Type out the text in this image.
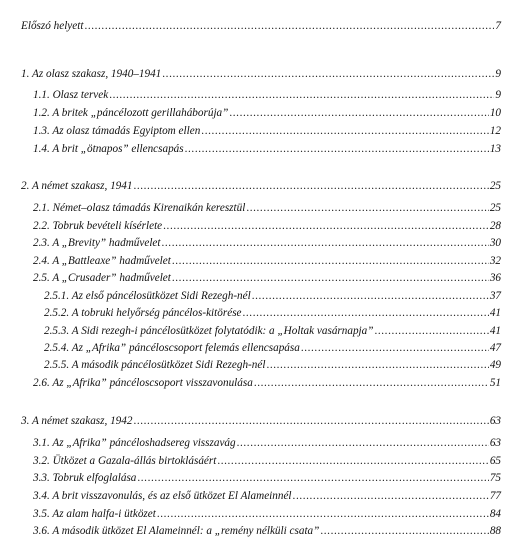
Előszó helyett .....	7
1. Az olasz szakasz, 1940–1941 .....	9
1.1. Olasz tervek .....	9
1.2. A britek „páncélozott gerillaháborúja” .....	10
1.3. Az olasz támadás Egyiptom ellen .....	12
1.4. A brit „ötnapos” ellencsapás .....	13
2. A német szakasz, 1941 .....	25
2.1. Német–olasz támadás Kirenaikán keresztül .....	25
2.2. Tobruk bevételi kísérlete .....	28
2.3. A „Brevity” hadművelet .....	30
2.4. A „Battleaxe” hadművelet .....	32
2.5. A „Crusader” hadművelet .....	36
2.5.1. Az első páncélosütközet Sidi Rezegh-nél .....	37
2.5.2. A tobruki helyőrség páncélos-kitörése .....	41
2.5.3. A Sidi rezegh-i páncélosütközet folytatódik: a „Holtak vasárnapja” .....	41
2.5.4. Az „Afrika” páncéloscsoport felemás ellencsapása .....	47
2.5.5. A második páncélosütközet Sidi Rezegh-nél .....	49
2.6. Az „Afrika” páncéloscsoport visszavonulása .....	51
3. A német szakasz, 1942 .....	63
3.1. Az „Afrika” páncéloshadsereg visszavág .....	63
3.2. Ütközet a Gazala-állás birtoklásáért .....	65
3.3. Tobruk elfoglalása .....	75
3.4. A brit visszavonulás, és az első ütközet El Alameinnél .....	77
3.5. Az alam halfa-i ütközet .....	84
3.6. A második ütközet El Alameinnél: a „remény nélküli csata” .....	88
